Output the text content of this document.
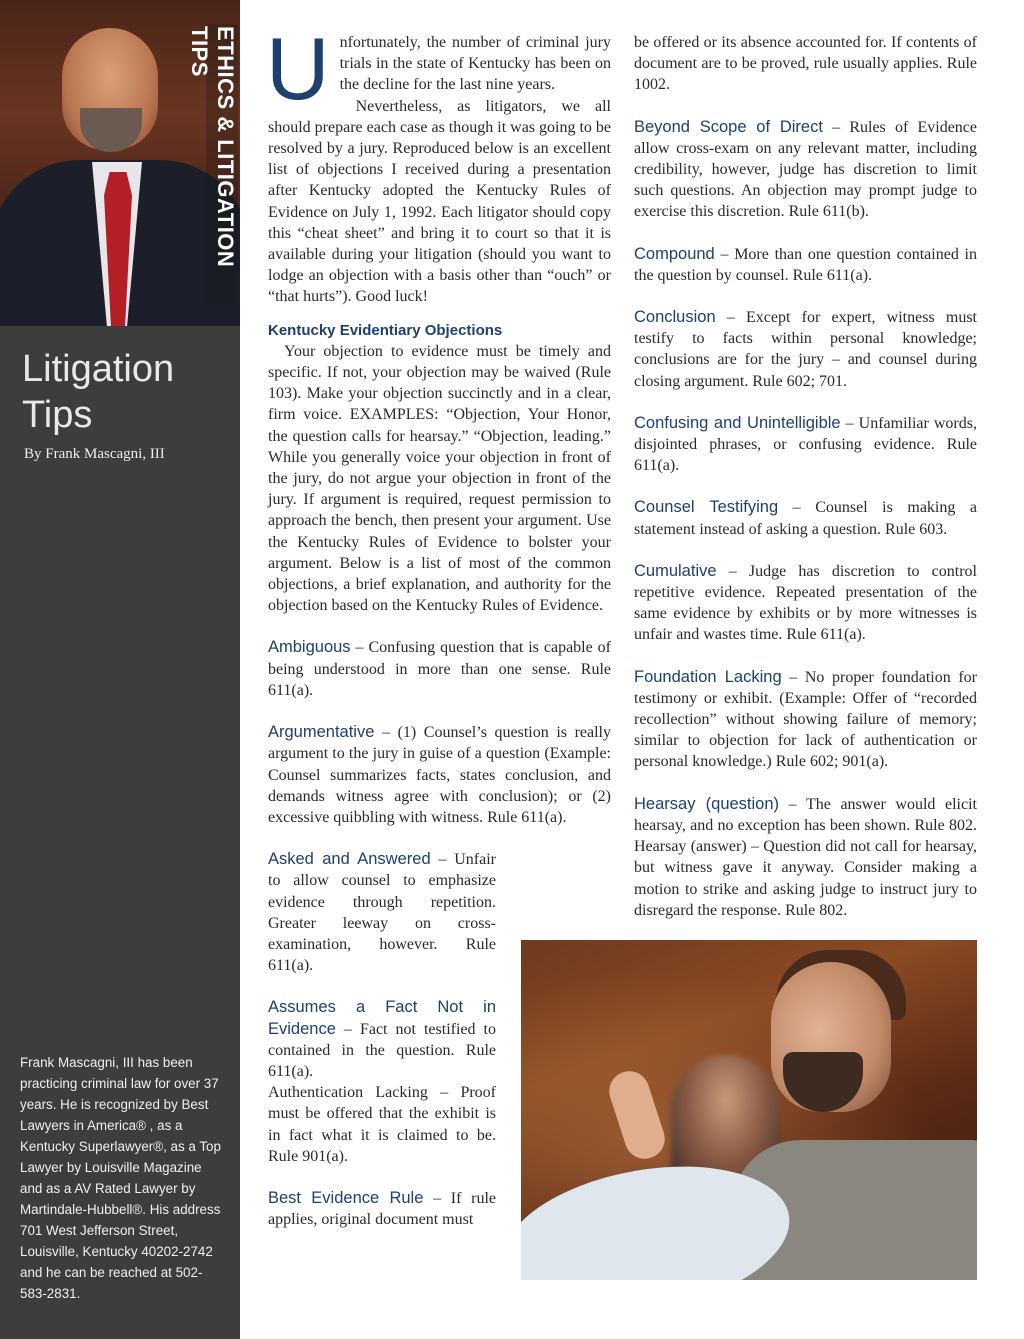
ETHICS & LITIGATION TIPS
Litigation
Tips
By Frank Mascagni, III
Frank Mascagni, III has been practicing criminal law for over 37 years. He is recognized by Best Lawyers in America® , as a Kentucky Superlawyer®, as a Top Lawyer by Louisville Magazine and as a AV Rated Lawyer by Martindale-Hubbell®. His address 701 West Jefferson Street, Louisville, Kentucky 40202-2742 and he can be reached at 502-583-2831.
U nfortunately, the number of criminal jury trials in the state of Kentucky has been on the decline for the last nine years.

Nevertheless, as litigators, we all should prepare each case as though it was going to be resolved by a jury. Reproduced below is an excellent list of objections I received during a presentation after Kentucky adopted the Kentucky Rules of Evidence on July 1, 1992. Each litigator should copy this “cheat sheet” and bring it to court so that it is available during your litigation (should you want to lodge an objection with a basis other than “ouch” or “that hurts”). Good luck!

Kentucky Evidentiary Objections

Your objection to evidence must be timely and specific. If not, your objection may be waived (Rule 103). Make your objection succinctly and in a clear, firm voice. EXAMPLES: “Objection, Your Honor, the question calls for hearsay.” “Objection, leading.” While you generally voice your objection in front of the jury, do not argue your objection in front of the jury. If argument is required, request permission to approach the bench, then present your argument. Use the Kentucky Rules of Evidence to bolster your argument. Below is a list of most of the common objections, a brief explanation, and authority for the objection based on the Kentucky Rules of Evidence.

Ambiguous – Confusing question that is capable of being understood in more than one sense. Rule 611(a).

Argumentative – (1) Counsel’s question is really argument to the jury in guise of a question (Example: Counsel summarizes facts, states conclusion, and demands witness agree with conclusion); or (2) excessive quibbling with witness. Rule 611(a).

Asked and Answered – Unfair to allow counsel to emphasize evidence through repetition. Greater leeway on cross-examination, however. Rule 611(a).

Assumes a Fact Not in Evidence – Fact not testified to contained in the question. Rule 611(a).

Authentication Lacking – Proof must be offered that the exhibit is in fact what it is claimed to be. Rule 901(a).

Best Evidence Rule – If rule applies, original document must

be offered or its absence accounted for. If contents of document are to be proved, rule usually applies. Rule 1002.

Beyond Scope of Direct – Rules of Evidence allow cross-exam on any relevant matter, including credibility, however, judge has discretion to limit such questions. An objection may prompt judge to exercise this discretion. Rule 611(b).

Compound – More than one question contained in the question by counsel. Rule 611(a).

Conclusion – Except for expert, witness must testify to facts within personal knowledge; conclusions are for the jury – and counsel during closing argument. Rule 602; 701.

Confusing and Unintelligible – Unfamiliar words, disjointed phrases, or confusing evidence. Rule 611(a).

Counsel Testifying – Counsel is making a statement instead of asking a question. Rule 603.

Cumulative – Judge has discretion to control repetitive evidence. Repeated presentation of the same evidence by exhibits or by more witnesses is unfair and wastes time. Rule 611(a).

Foundation Lacking – No proper foundation for testimony or exhibit. (Example: Offer of “recorded recollection” without showing failure of memory; similar to objection for lack of authentication or personal knowledge.) Rule 602; 901(a).

Hearsay (question) – The answer would elicit hearsay, and no exception has been shown. Rule 802. Hearsay (answer) – Question did not call for hearsay, but witness gave it anyway. Consider making a motion to strike and asking judge to instruct jury to disregard the response. Rule 802.
